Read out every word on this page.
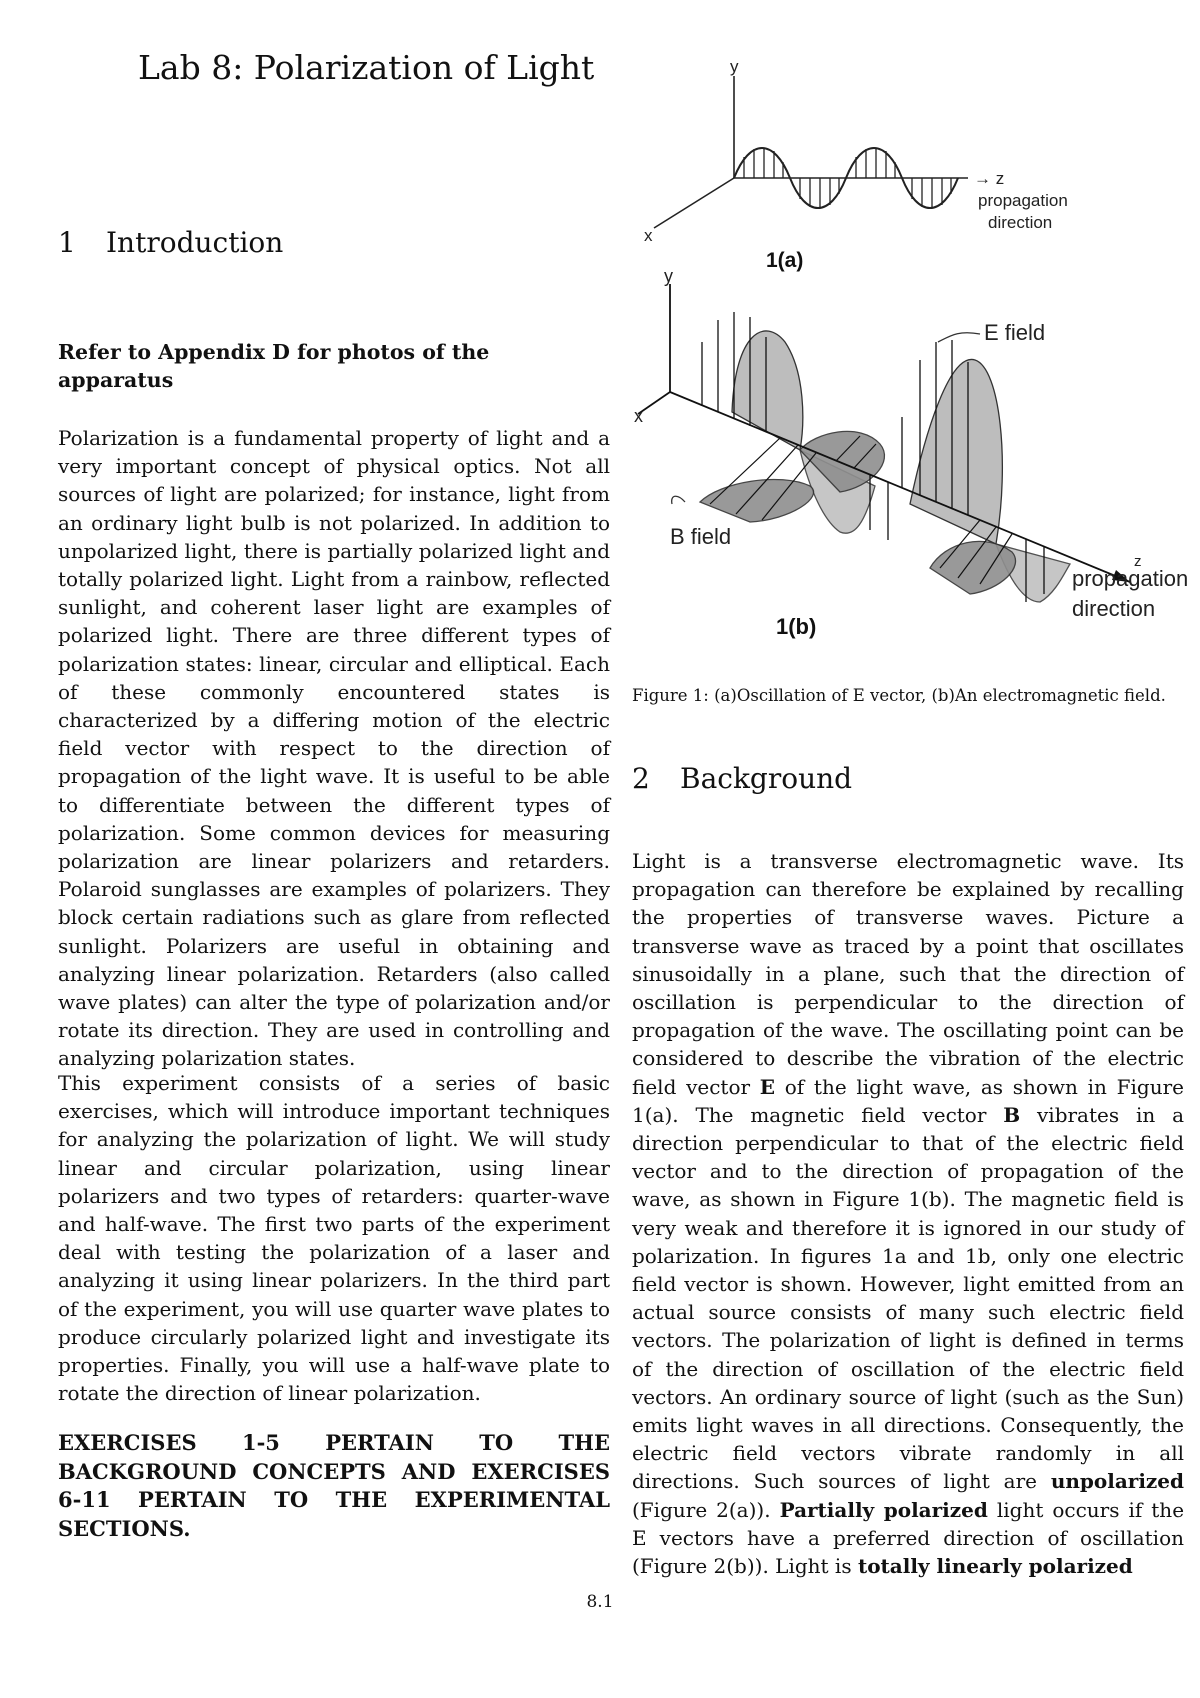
Lab 8: Polarization of Light
1 Introduction

Refer to Appendix D for photos of the apparatus

Polarization is a fundamental property of light and a very important concept of physical optics. Not all sources of light are polarized; for instance, light from an ordinary light bulb is not polarized. In addition to unpolarized light, there is partially polarized light and totally polarized light. Light from a rainbow, reflected sunlight, and coherent laser light are examples of polarized light. There are three different types of polarization states: linear, circular and elliptical. Each of these commonly encountered states is characterized by a differing motion of the electric field vector with respect to the direction of propagation of the light wave. It is useful to be able to differentiate between the different types of polarization. Some common devices for measuring polarization are linear polarizers and retarders. Polaroid sunglasses are examples of polarizers. They block certain radiations such as glare from reflected sunlight. Polarizers are useful in obtaining and analyzing linear polarization. Retarders (also called wave plates) can alter the type of polarization and/or rotate its direction. They are used in controlling and analyzing polarization states.

This experiment consists of a series of basic exercises, which will introduce important techniques for analyzing the polarization of light. We will study linear and circular polarization, using linear polarizers and two types of retarders: quarter-wave and half-wave. The first two parts of the experiment deal with testing the polarization of a laser and analyzing it using linear polarizers. In the third part of the experiment, you will use quarter wave plates to produce circularly polarized light and investigate its properties. Finally, you will use a half-wave plate to rotate the direction of linear polarization.

EXERCISES 1-5 PERTAIN TO THE BACKGROUND CONCEPTS AND EXERCISES 6-11 PERTAIN TO THE EXPERIMENTAL SECTIONS.

y
x
→ z
propagation
direction
1(a)
y
x
E field
B field
z
propagation
direction
1(b)

Figure 1: (a)Oscillation of E vector, (b)An electromagnetic field.

2 Background

Light is a transverse electromagnetic wave. Its propagation can therefore be explained by recalling the properties of transverse waves. Picture a transverse wave as traced by a point that oscillates sinusoidally in a plane, such that the direction of oscillation is perpendicular to the direction of propagation of the wave. The oscillating point can be considered to describe the vibration of the electric field vector E of the light wave, as shown in Figure 1(a). The magnetic field vector B vibrates in a direction perpendicular to that of the electric field vector and to the direction of propagation of the wave, as shown in Figure 1(b). The magnetic field is very weak and therefore it is ignored in our study of polarization. In figures 1a and 1b, only one electric field vector is shown. However, light emitted from an actual source consists of many such electric field vectors. The polarization of light is defined in terms of the direction of oscillation of the electric field vectors. An ordinary source of light (such as the Sun) emits light waves in all directions. Consequently, the electric field vectors vibrate randomly in all directions. Such sources of light are unpolarized (Figure 2(a)). Partially polarized light occurs if the E vectors have a preferred direction of oscillation (Figure 2(b)). Light is totally linearly polarized

8.1
